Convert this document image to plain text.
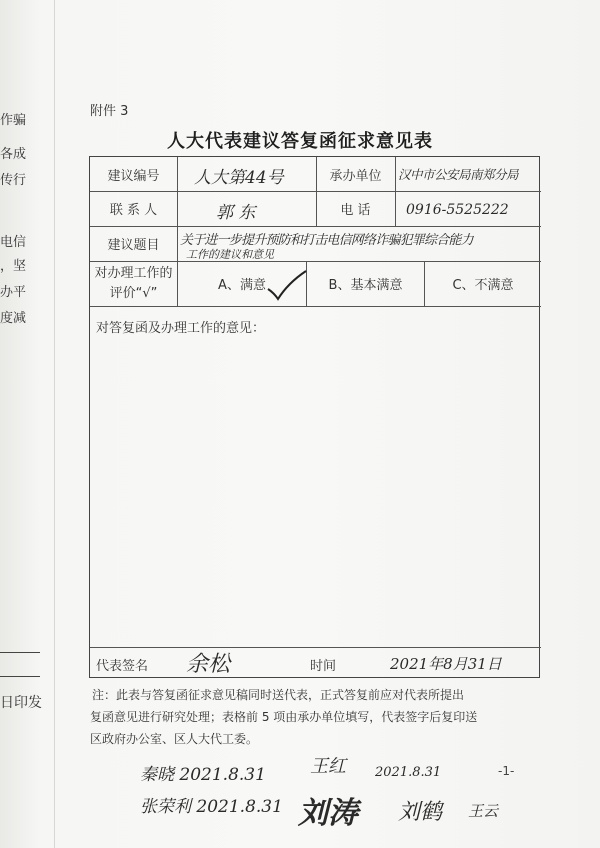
作骗
各成
传行
电信
，坚
办平
度减
日印发
附件 3
人大代表建议答复函征求意见表
建议编号	人大第44号	承办单位	汉中市公安局南郑分局
联 系 人	郭 东	电 话	0916-5525222
建议题目	关于进一步提升预防和打击电信网络诈骗犯罪综合能力
工作的建议和意见
对办理工作的评价“√”	A、满意	B、基本满意	C、不满意
对答复函及办理工作的意见：
代表签名 余松	时间	2021年8月31日

注：此表与答复函征求意见稿同时送代表，正式答复前应对代表所提出

复函意见进行研究处理；表格前 5 项由承办单位填写，代表签字后复印送

区政府办公室、区人大代工委。

秦晓 2021.8.31 王红 2021.8.31	-1-
张荣利 2021.8.31 刘涛 刘鹤 王云
